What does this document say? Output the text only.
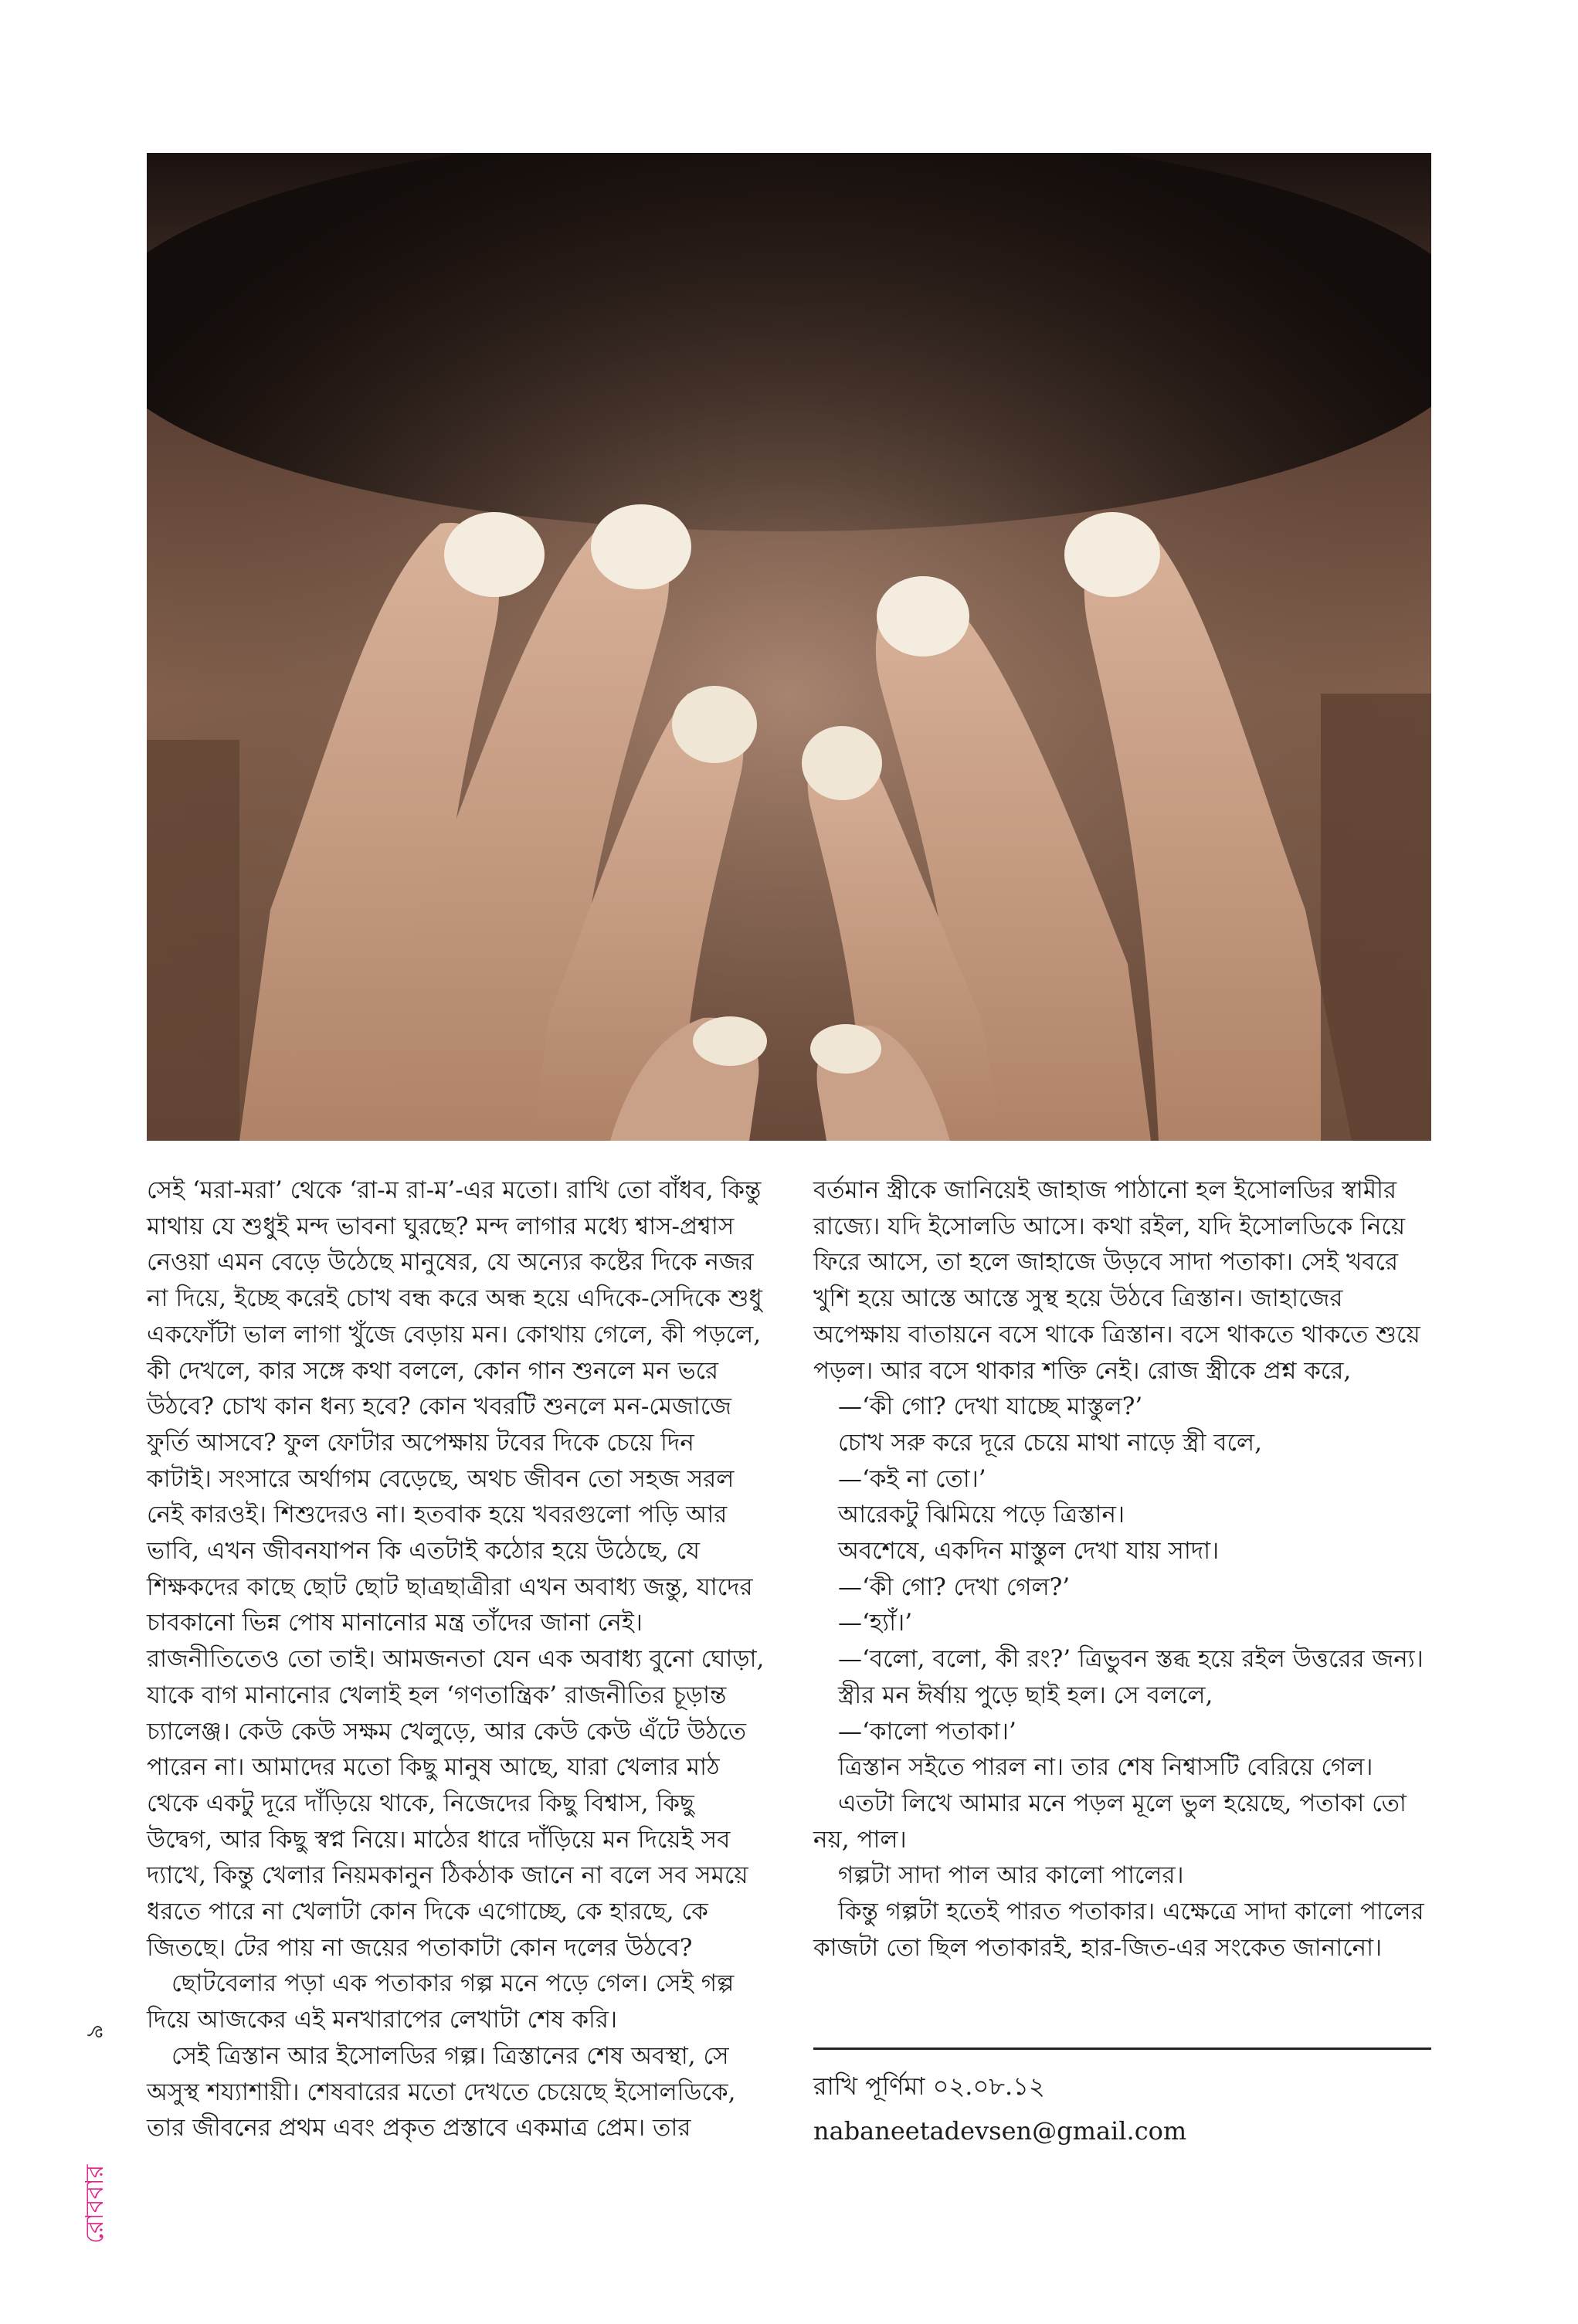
সেই ‘মরা-মরা’ থেকে ‘রা-ম রা-ম’-এর মতো। রাখি তো বাঁধব, কিন্তু মাথায় যে শুধুই মন্দ ভাবনা ঘুরছে? মন্দ লাগার মধ্যে শ্বাস-প্রশ্বাস নেওয়া এমন বেড়ে উঠেছে মানুষের, যে অন্যের কষ্টের দিকে নজর না দিয়ে, ইচ্ছে করেই চোখ বন্ধ করে অন্ধ হয়ে এদিকে-সেদিকে শুধু একফোঁটা ভাল লাগা খুঁজে বেড়ায় মন। কোথায় গেলে, কী পড়লে, কী দেখলে, কার সঙ্গে কথা বললে, কোন গান শুনলে মন ভরে উঠবে? চোখ কান ধন্য হবে? কোন খবরটি শুনলে মন-মেজাজে ফুর্তি আসবে? ফুল ফোটার অপেক্ষায় টবের দিকে চেয়ে দিন কাটাই। সংসারে অর্থাগম বেড়েছে, অথচ জীবন তো সহজ সরল নেই কারওই। শিশুদেরও না। হতবাক হয়ে খবরগুলো পড়ি আর ভাবি, এখন জীবনযাপন কি এতটাই কঠোর হয়ে উঠেছে, যে শিক্ষকদের কাছে ছোট ছোট ছাত্রছাত্রীরা এখন অবাধ্য জন্তু, যাদের চাবকানো ভিন্ন পোষ মানানোর মন্ত্র তাঁদের জানা নেই। রাজনীতিতেও তো তাই। আমজনতা যেন এক অবাধ্য বুনো ঘোড়া, যাকে বাগ মানানোর খেলাই হল ‘গণতান্ত্রিক’ রাজনীতির চূড়ান্ত চ্যালেঞ্জ। কেউ কেউ সক্ষম খেলুড়ে, আর কেউ কেউ এঁটে উঠতে পারেন না। আমাদের মতো কিছু মানুষ আছে, যারা খেলার মাঠ থেকে একটু দূরে দাঁড়িয়ে থাকে, নিজেদের কিছু বিশ্বাস, কিছু উদ্বেগ, আর কিছু স্বপ্ন নিয়ে। মাঠের ধারে দাঁড়িয়ে মন দিয়েই সব দ্যাখে, কিন্তু খেলার নিয়মকানুন ঠিকঠাক জানে না বলে সব সময়ে ধরতে পারে না খেলাটা কোন দিকে এগোচ্ছে, কে হারছে, কে জিতছে। টের পায় না জয়ের পতাকাটা কোন দলের উঠবে?

ছোটবেলার পড়া এক পতাকার গল্প মনে পড়ে গেল। সেই গল্প দিয়ে আজকের এই মনখারাপের লেখাটা শেষ করি।

সেই ত্রিস্তান আর ইসোলডির গল্প। ত্রিস্তানের শেষ অবস্থা, সে অসুস্থ শয্যাশায়ী। শেষবারের মতো দেখতে চেয়েছে ইসোলডিকে, তার জীবনের প্রথম এবং প্রকৃত প্রস্তাবে একমাত্র প্রেম। তার

বর্তমান স্ত্রীকে জানিয়েই জাহাজ পাঠানো হল ইসোলডির স্বামীর রাজ্যে। যদি ইসোলডি আসে। কথা রইল, যদি ইসোলডিকে নিয়ে ফিরে আসে, তা হলে জাহাজে উড়বে সাদা পতাকা। সেই খবরে খুশি হয়ে আস্তে আস্তে সুস্থ হয়ে উঠবে ত্রিস্তান। জাহাজের অপেক্ষায় বাতায়নে বসে থাকে ত্রিস্তান। বসে থাকতে থাকতে শুয়ে পড়ল। আর বসে থাকার শক্তি নেই। রোজ স্ত্রীকে প্রশ্ন করে,

—‘কী গো? দেখা যাচ্ছে মাস্তুল?’

চোখ সরু করে দূরে চেয়ে মাথা নাড়ে স্ত্রী বলে,

—‘কই না তো।’

আরেকটু ঝিমিয়ে পড়ে ত্রিস্তান।

অবশেষে, একদিন মাস্তুল দেখা যায় সাদা।

—‘কী গো? দেখা গেল?’

—‘হ্যাঁ।’

—‘বলো, বলো, কী রং?’ ত্রিভুবন স্তব্ধ হয়ে রইল উত্তরের জন্য।

স্ত্রীর মন ঈর্ষায় পুড়ে ছাই হল। সে বললে,

—‘কালো পতাকা।’

ত্রিস্তান সইতে পারল না। তার শেষ নিশ্বাসটি বেরিয়ে গেল।

এতটা লিখে আমার মনে পড়ল মূলে ভুল হয়েছে, পতাকা তো নয়, পাল।

গল্পটা সাদা পাল আর কালো পালের।

কিন্তু গল্পটা হতেই পারত পতাকার। এক্ষেত্রে সাদা কালো পালের কাজটা তো ছিল পতাকারই, হার-জিত-এর সংকেত জানানো।

রাখি পূর্ণিমা ০২.০৮.১২
nabaneetadevsen@gmail.com
৯
রোববার
